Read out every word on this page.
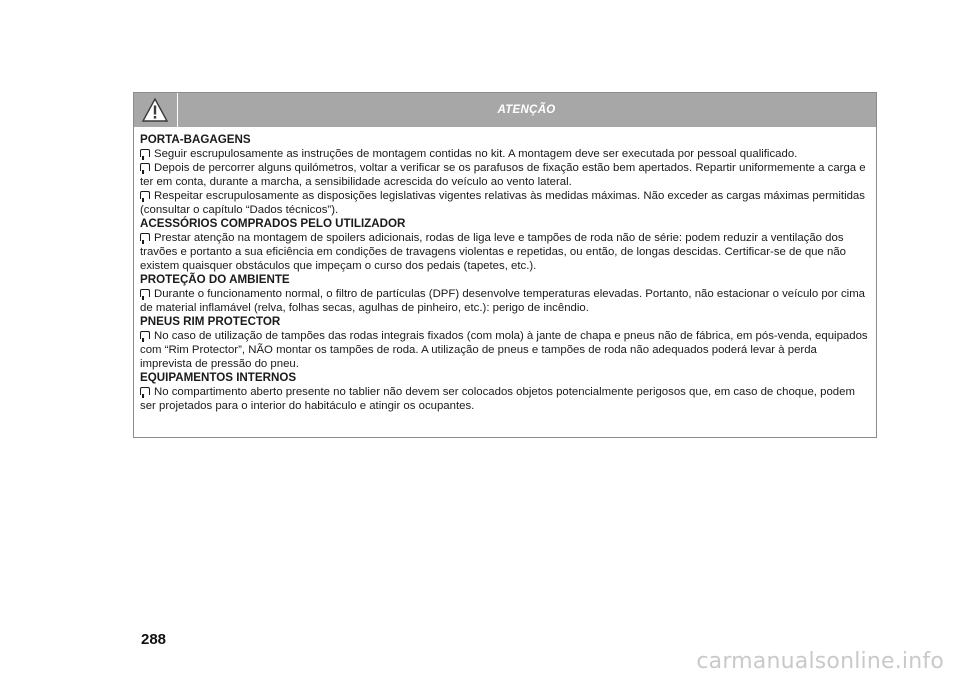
ATENÇÃO
PORTA-BAGAGENS

Seguir escrupulosamente as instruções de montagem contidas no kit. A montagem deve ser executada por pessoal qualificado.

Depois de percorrer alguns quilómetros, voltar a verificar se os parafusos de fixação estão bem apertados. Repartir uniformemente a carga e ter em conta, durante a marcha, a sensibilidade acrescida do veículo ao vento lateral.

Respeitar escrupulosamente as disposições legislativas vigentes relativas às medidas máximas. Não exceder as cargas máximas permitidas (consultar o capítulo “Dados técnicos”).

ACESSÓRIOS COMPRADOS PELO UTILIZADOR

Prestar atenção na montagem de spoilers adicionais, rodas de liga leve e tampões de roda não de série: podem reduzir a ventilação dos travões e portanto a sua eficiência em condições de travagens violentas e repetidas, ou então, de longas descidas. Certificar-se de que não existem quaisquer obstáculos que impeçam o curso dos pedais (tapetes, etc.).

PROTEÇÃO DO AMBIENTE

Durante o funcionamento normal, o filtro de partículas (DPF) desenvolve temperaturas elevadas. Portanto, não estacionar o veículo por cima de material inflamável (relva, folhas secas, agulhas de pinheiro, etc.): perigo de incêndio.

PNEUS RIM PROTECTOR

No caso de utilização de tampões das rodas integrais fixados (com mola) à jante de chapa e pneus não de fábrica, em pós-venda, equipados com “Rim Protector”, NÃO montar os tampões de roda. A utilização de pneus e tampões de roda não adequados poderá levar à perda imprevista de pressão do pneu.

EQUIPAMENTOS INTERNOS

No compartimento aberto presente no tablier não devem ser colocados objetos potencialmente perigosos que, em caso de choque, podem ser projetados para o interior do habitáculo e atingir os ocupantes.

288
carmanualsonline.info
